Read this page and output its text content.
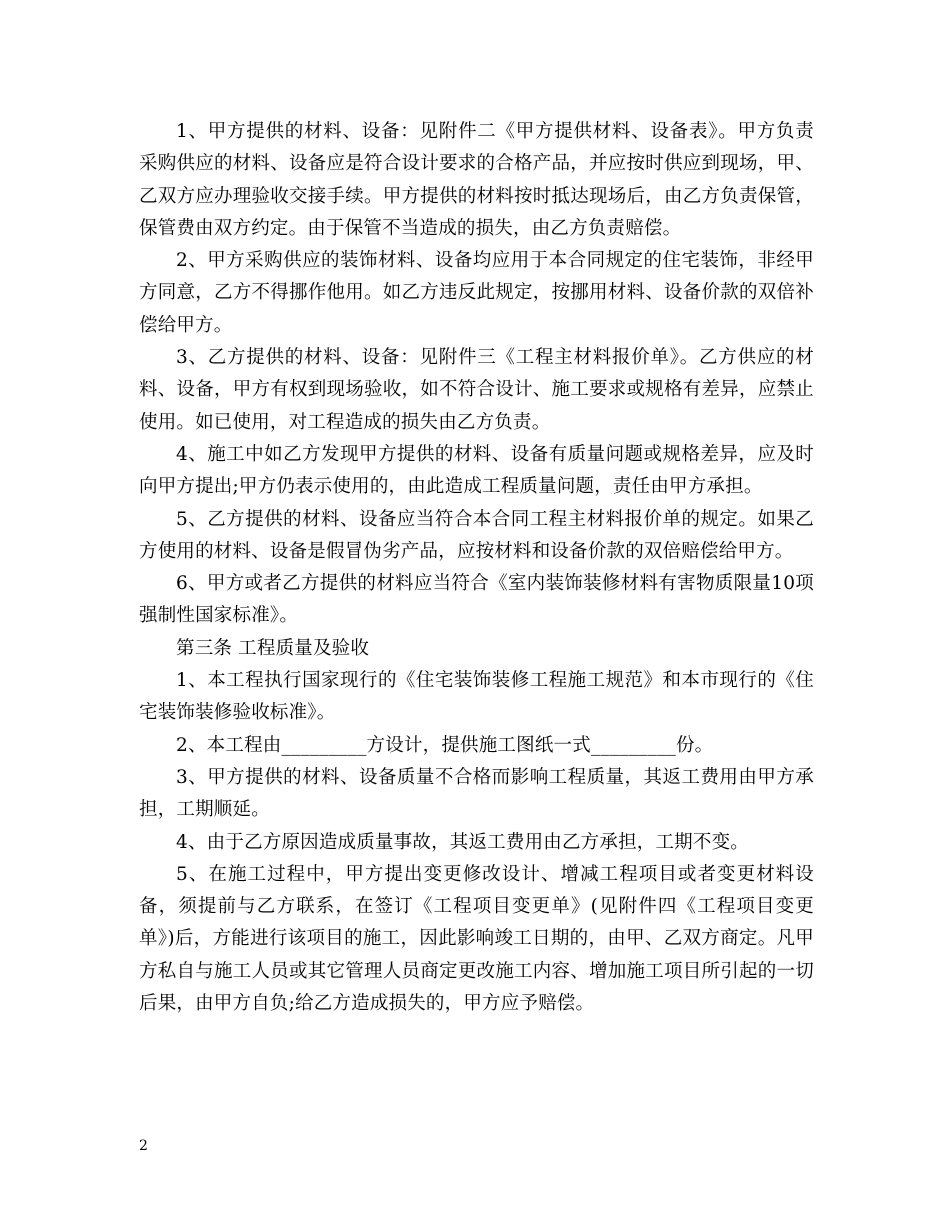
1、甲方提供的材料、设备：见附件二《甲方提供材料、设备表》。甲方负责采购供应的材料、设备应是符合设计要求的合格产品，并应按时供应到现场，甲、乙双方应办理验收交接手续。甲方提供的材料按时抵达现场后，由乙方负责保管，保管费由双方约定。由于保管不当造成的损失，由乙方负责赔偿。

2、甲方采购供应的装饰材料、设备均应用于本合同规定的住宅装饰，非经甲方同意，乙方不得挪作他用。如乙方违反此规定，按挪用材料、设备价款的双倍补偿给甲方。

3、乙方提供的材料、设备：见附件三《工程主材料报价单》。乙方供应的材料、设备，甲方有权到现场验收，如不符合设计、施工要求或规格有差异，应禁止使用。如已使用，对工程造成的损失由乙方负责。

4、施工中如乙方发现甲方提供的材料、设备有质量问题或规格差异，应及时向甲方提出;甲方仍表示使用的，由此造成工程质量问题，责任由甲方承担。

5、乙方提供的材料、设备应当符合本合同工程主材料报价单的规定。如果乙方使用的材料、设备是假冒伪劣产品，应按材料和设备价款的双倍赔偿给甲方。

6、甲方或者乙方提供的材料应当符合《室内装饰装修材料有害物质限量10项强制性国家标准》。

第三条 工程质量及验收

1、本工程执行国家现行的《住宅装饰装修工程施工规范》和本市现行的《住宅装饰装修验收标准》。

2、本工程由_________方设计，提供施工图纸一式_________份。

3、甲方提供的材料、设备质量不合格而影响工程质量，其返工费用由甲方承担，工期顺延。

4、由于乙方原因造成质量事故，其返工费用由乙方承担，工期不变。

5、在施工过程中，甲方提出变更修改设计、增减工程项目或者变更材料设备，须提前与乙方联系，在签订《工程项目变更单》(见附件四《工程项目变更单》)后，方能进行该项目的施工，因此影响竣工日期的，由甲、乙双方商定。凡甲方私自与施工人员或其它管理人员商定更改施工内容、增加施工项目所引起的一切后果，由甲方自负;给乙方造成损失的，甲方应予赔偿。

2
